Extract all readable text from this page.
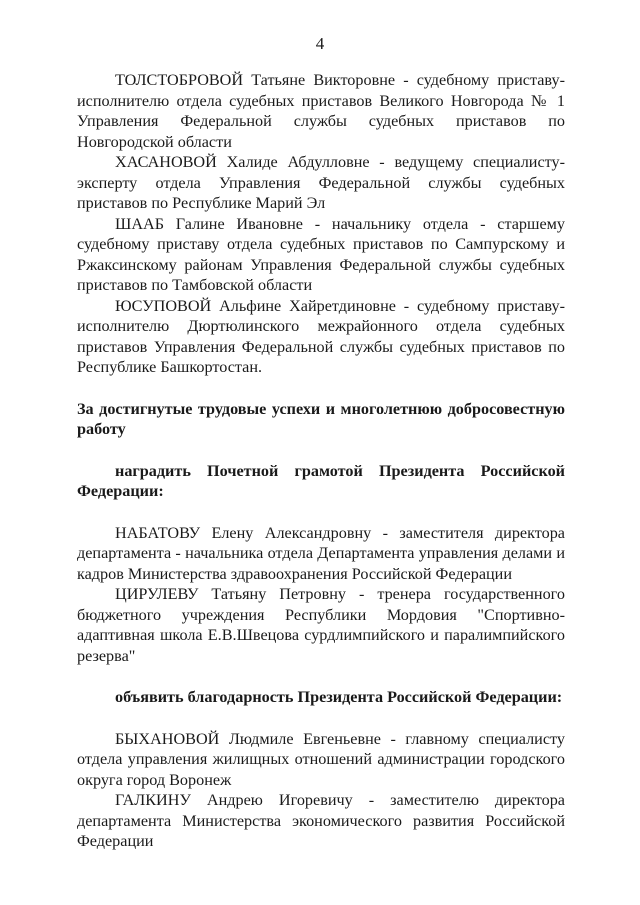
4

ТОЛСТОБРОВОЙ Татьяне Викторовне - судебному приставу-исполнителю отдела судебных приставов Великого Новгорода № 1 Управления Федеральной службы судебных приставов по Новгородской области

ХАСАНОВОЙ Халиде Абдулловне - ведущему специалисту-эксперту отдела Управления Федеральной службы судебных приставов по Республике Марий Эл

ШААБ Галине Ивановне - начальнику отдела - старшему судебному приставу отдела судебных приставов по Сампурскому и Ржаксинскому районам Управления Федеральной службы судебных приставов по Тамбовской области

ЮСУПОВОЙ Альфине Хайретдиновне - судебному приставу-исполнителю Дюртюлинского межрайонного отдела судебных приставов Управления Федеральной службы судебных приставов по Республике Башкортостан.

За достигнутые трудовые успехи и многолетнюю добросовестную работу

наградить Почетной грамотой Президента Российской Федерации:

НАБАТОВУ Елену Александровну - заместителя директора департамента - начальника отдела Департамента управления делами и кадров Министерства здравоохранения Российской Федерации

ЦИРУЛЕВУ Татьяну Петровну - тренера государственного бюджетного учреждения Республики Мордовия "Спортивно-адаптивная школа Е.В.Швецова сурдлимпийского и паралимпийского резерва"

объявить благодарность Президента Российской Федерации:

БЫХАНОВОЙ Людмиле Евгеньевне - главному специалисту отдела управления жилищных отношений администрации городского округа город Воронеж

ГАЛКИНУ Андрею Игоревичу - заместителю директора департамента Министерства экономического развития Российской Федерации
